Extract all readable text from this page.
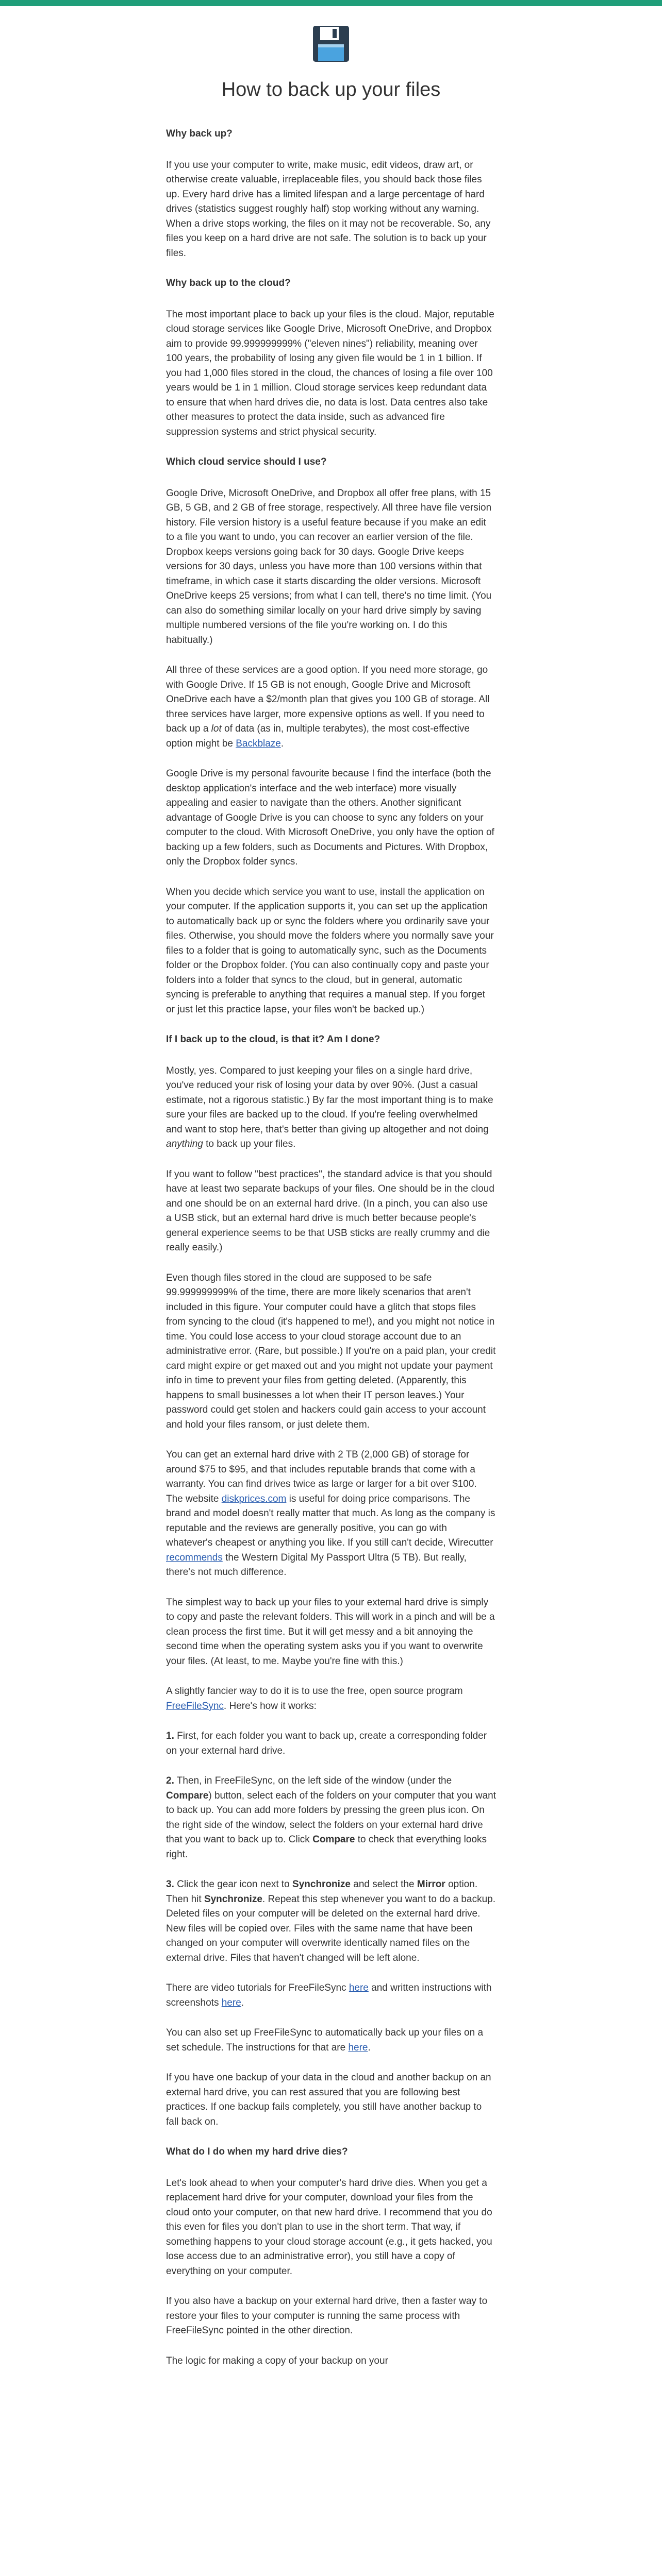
How to back up your files
Why back up?

If you use your computer to write, make music, edit videos, draw art, or otherwise create valuable, irreplaceable files, you should back those files up. Every hard drive has a limited lifespan and a large percentage of hard drives (statistics suggest roughly half) stop working without any warning. When a drive stops working, the files on it may not be recoverable. So, any files you keep on a hard drive are not safe. The solution is to back up your files.

Why back up to the cloud?

The most important place to back up your files is the cloud. Major, reputable cloud storage services like Google Drive, Microsoft OneDrive, and Dropbox aim to provide 99.999999999% ("eleven nines") reliability, meaning over 100 years, the probability of losing any given file would be 1 in 1 billion. If you had 1,000 files stored in the cloud, the chances of losing a file over 100 years would be 1 in 1 million. Cloud storage services keep redundant data to ensure that when hard drives die, no data is lost. Data centres also take other measures to protect the data inside, such as advanced fire suppression systems and strict physical security.

Which cloud service should I use?

Google Drive, Microsoft OneDrive, and Dropbox all offer free plans, with 15 GB, 5 GB, and 2 GB of free storage, respectively. All three have file version history. File version history is a useful feature because if you make an edit to a file you want to undo, you can recover an earlier version of the file. Dropbox keeps versions going back for 30 days. Google Drive keeps versions for 30 days, unless you have more than 100 versions within that timeframe, in which case it starts discarding the older versions. Microsoft OneDrive keeps 25 versions; from what I can tell, there's no time limit. (You can also do something similar locally on your hard drive simply by saving multiple numbered versions of the file you're working on. I do this habitually.)

All three of these services are a good option. If you need more storage, go with Google Drive. If 15 GB is not enough, Google Drive and Microsoft OneDrive each have a $2/month plan that gives you 100 GB of storage. All three services have larger, more expensive options as well. If you need to back up a lot of data (as in, multiple terabytes), the most cost-effective option might be Backblaze.

Google Drive is my personal favourite because I find the interface (both the desktop application's interface and the web interface) more visually appealing and easier to navigate than the others. Another significant advantage of Google Drive is you can choose to sync any folders on your computer to the cloud. With Microsoft OneDrive, you only have the option of backing up a few folders, such as Documents and Pictures. With Dropbox, only the Dropbox folder syncs.

When you decide which service you want to use, install the application on your computer. If the application supports it, you can set up the application to automatically back up or sync the folders where you ordinarily save your files. Otherwise, you should move the folders where you normally save your files to a folder that is going to automatically sync, such as the Documents folder or the Dropbox folder. (You can also continually copy and paste your folders into a folder that syncs to the cloud, but in general, automatic syncing is preferable to anything that requires a manual step. If you forget or just let this practice lapse, your files won't be backed up.)

If I back up to the cloud, is that it? Am I done?

Mostly, yes. Compared to just keeping your files on a single hard drive, you've reduced your risk of losing your data by over 90%. (Just a casual estimate, not a rigorous statistic.) By far the most important thing is to make sure your files are backed up to the cloud. If you're feeling overwhelmed and want to stop here, that's better than giving up altogether and not doing anything to back up your files.

If you want to follow "best practices", the standard advice is that you should have at least two separate backups of your files. One should be in the cloud and one should be on an external hard drive. (In a pinch, you can also use a USB stick, but an external hard drive is much better because people's general experience seems to be that USB sticks are really crummy and die really easily.)

Even though files stored in the cloud are supposed to be safe 99.999999999% of the time, there are more likely scenarios that aren't included in this figure. Your computer could have a glitch that stops files from syncing to the cloud (it's happened to me!), and you might not notice in time. You could lose access to your cloud storage account due to an administrative error. (Rare, but possible.) If you're on a paid plan, your credit card might expire or get maxed out and you might not update your payment info in time to prevent your files from getting deleted. (Apparently, this happens to small businesses a lot when their IT person leaves.) Your password could get stolen and hackers could gain access to your account and hold your files ransom, or just delete them.

You can get an external hard drive with 2 TB (2,000 GB) of storage for around $75 to $95, and that includes reputable brands that come with a warranty. You can find drives twice as large or larger for a bit over $100. The website diskprices.com is useful for doing price comparisons. The brand and model doesn't really matter that much. As long as the company is reputable and the reviews are generally positive, you can go with whatever's cheapest or anything you like. If you still can't decide, Wirecutter recommends the Western Digital My Passport Ultra (5 TB). But really, there's not much difference.

The simplest way to back up your files to your external hard drive is simply to copy and paste the relevant folders. This will work in a pinch and will be a clean process the first time. But it will get messy and a bit annoying the second time when the operating system asks you if you want to overwrite your files. (At least, to me. Maybe you're fine with this.)

A slightly fancier way to do it is to use the free, open source program FreeFileSync. Here's how it works:

1. First, for each folder you want to back up, create a corresponding folder on your external hard drive.

2. Then, in FreeFileSync, on the left side of the window (under the Compare) button, select each of the folders on your computer that you want to back up. You can add more folders by pressing the green plus icon. On the right side of the window, select the folders on your external hard drive that you want to back up to. Click Compare to check that everything looks right.

3. Click the gear icon next to Synchronize and select the Mirror option. Then hit Synchronize. Repeat this step whenever you want to do a backup. Deleted files on your computer will be deleted on the external hard drive. New files will be copied over. Files with the same name that have been changed on your computer will overwrite identically named files on the external drive. Files that haven't changed will be left alone.

There are video tutorials for FreeFileSync here and written instructions with screenshots here.

You can also set up FreeFileSync to automatically back up your files on a set schedule. The instructions for that are here.

If you have one backup of your data in the cloud and another backup on an external hard drive, you can rest assured that you are following best practices. If one backup fails completely, you still have another backup to fall back on.

What do I do when my hard drive dies?

Let's look ahead to when your computer's hard drive dies. When you get a replacement hard drive for your computer, download your files from the cloud onto your computer, on that new hard drive. I recommend that you do this even for files you don't plan to use in the short term. That way, if something happens to your cloud storage account (e.g., it gets hacked, you lose access due to an administrative error), you still have a copy of everything on your computer.

If you also have a backup on your external hard drive, then a faster way to restore your files to your computer is running the same process with FreeFileSync pointed in the other direction.

The logic for making a copy of your backup on your
